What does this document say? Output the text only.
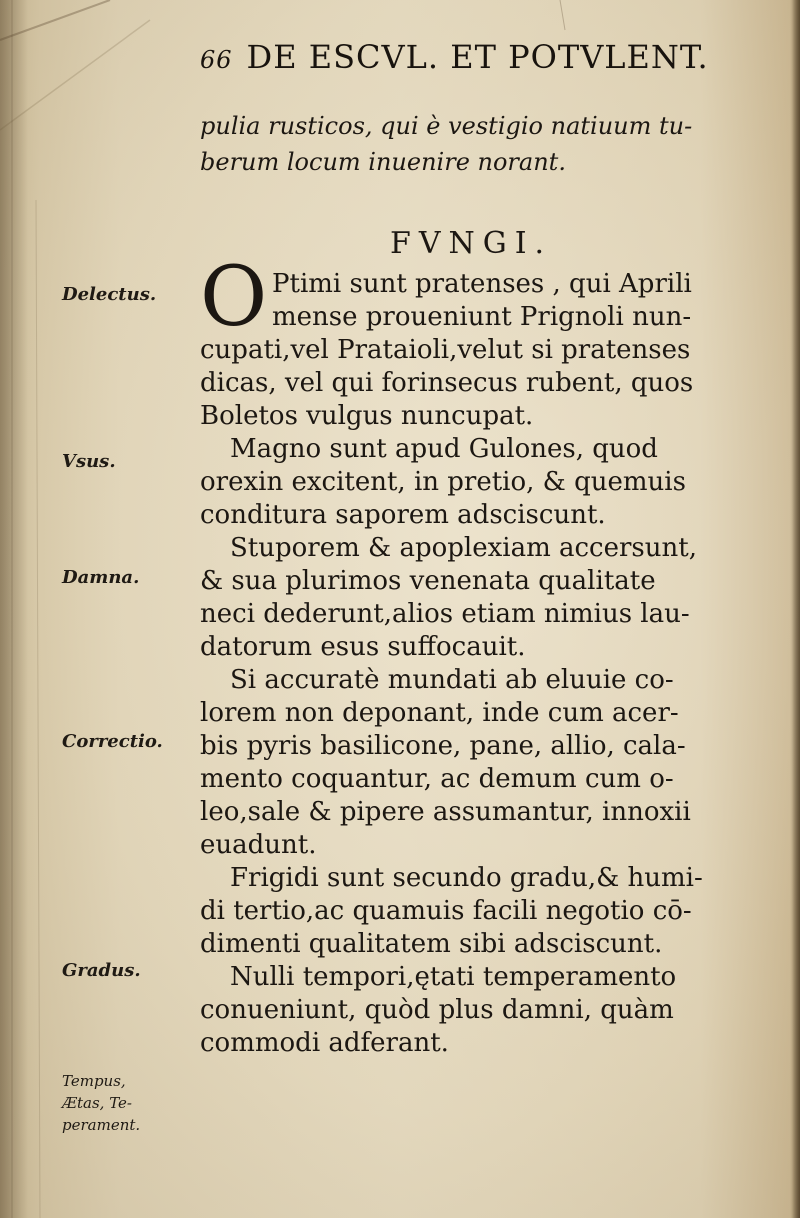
66 DE ESCVL. ET POTVLENT.
pulia rusticos, qui è vestigio natiuum tu-
berum locum inuenire norant.
FVNGI.
O Ptimi sunt pratenses , qui Aprili
mense proueniunt Prignoli nun-
cupati,vel Prataioli,velut si pratenses
dicas, vel qui forinsecus rubent, quos
Boletos vulgus nuncupat.
Magno sunt apud Gulones, quod
orexin excitent, in pretio, & quemuis
conditura saporem adsciscunt.
Stuporem & apoplexiam accersunt,
& sua plurimos venenata qualitate
neci dederunt,alios etiam nimius lau-
datorum esus suffocauit.
Si accuratè mundati ab eluuie co-
lorem non deponant, inde cum acer-
bis pyris basilicone, pane, allio, cala-
mento coquantur, ac demum cum o-
leo,sale & pipere assumantur, innoxii
euadunt.
Frigidi sunt secundo gradu,& humi-
di tertio,ac quamuis facili negotio cō-
dimenti qualitatem sibi adsciscunt.
Nulli tempori,ętati temperamento
conueniunt, quòd plus damni, quàm
commodi adferant.
Delectus.
Vsus.
Damna.
Correctio.
Gradus.
Tempus,
Ætas, Te-
perament.
